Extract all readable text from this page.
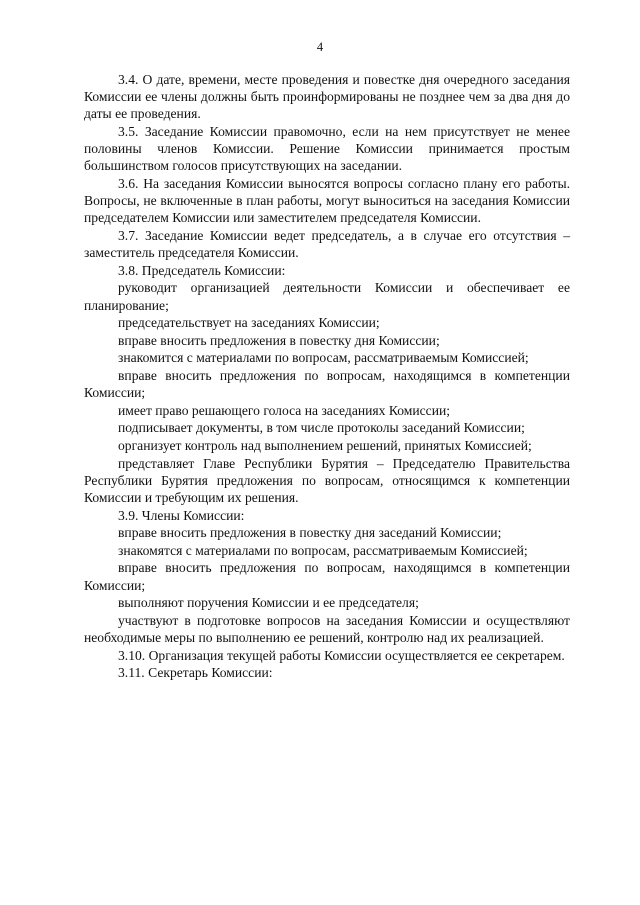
4

3.4. О дате, времени, месте проведения и повестке дня очередного заседания Комиссии ее члены должны быть проинформированы не позднее чем за два дня до даты ее проведения.

3.5. Заседание Комиссии правомочно, если на нем присутствует не менее половины членов Комиссии. Решение Комиссии принимается простым большинством голосов присутствующих на заседании.

3.6. На заседания Комиссии выносятся вопросы согласно плану его работы. Вопросы, не включенные в план работы, могут выноситься на заседания Комиссии председателем Комиссии или заместителем председателя Комиссии.

3.7. Заседание Комиссии ведет председатель, а в случае его отсутствия – заместитель председателя Комиссии.

3.8. Председатель Комиссии:

руководит организацией деятельности Комиссии и обеспечивает ее планирование;

председательствует на заседаниях Комиссии;

вправе вносить предложения в повестку дня Комиссии;

знакомится с материалами по вопросам, рассматриваемым Комиссией;

вправе вносить предложения по вопросам, находящимся в компетенции Комиссии;

имеет право решающего голоса на заседаниях Комиссии;

подписывает документы, в том числе протоколы заседаний Комиссии;

организует контроль над выполнением решений, принятых Комиссией;

представляет Главе Республики Бурятия – Председателю Правительства Республики Бурятия предложения по вопросам, относящимся к компетенции Комиссии и требующим их решения.

3.9. Члены Комиссии:

вправе вносить предложения в повестку дня заседаний Комиссии;

знакомятся с материалами по вопросам, рассматриваемым Комиссией;

вправе вносить предложения по вопросам, находящимся в компетенции Комиссии;

выполняют поручения Комиссии и ее председателя;

участвуют в подготовке вопросов на заседания Комиссии и осуществляют необходимые меры по выполнению ее решений, контролю над их реализацией.

3.10. Организация текущей работы Комиссии осуществляется ее секретарем.

3.11. Секретарь Комиссии:
